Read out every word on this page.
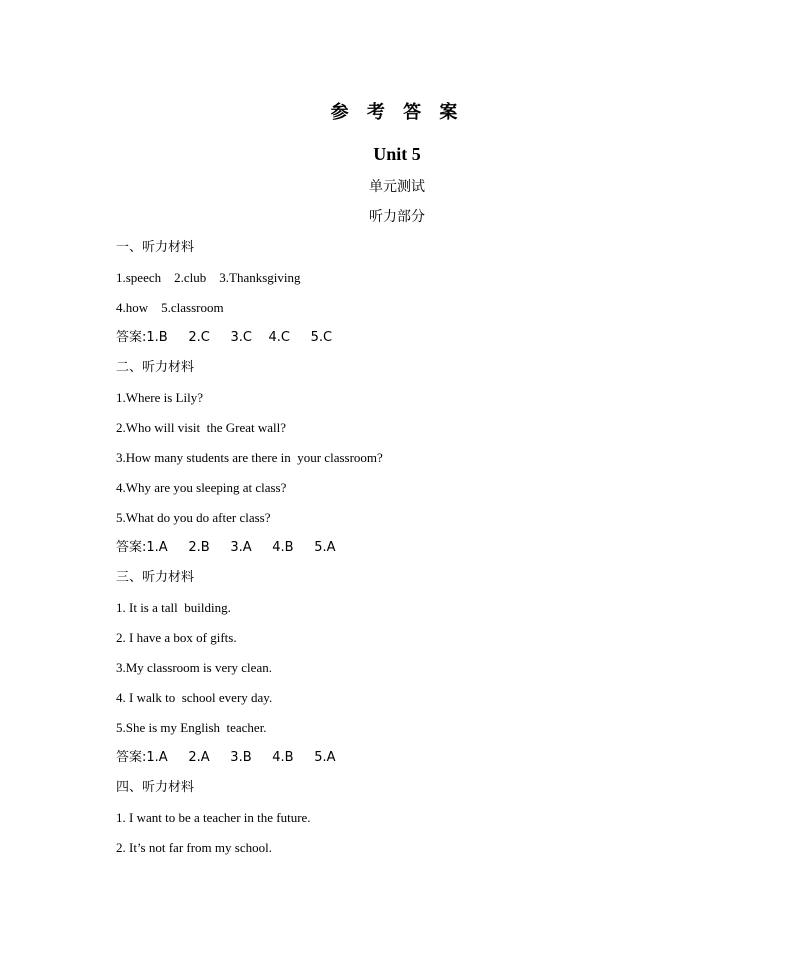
参 考 答 案
Unit 5
单元测试
听力部分
一、听力材料
1.speech    2.club    3.Thanksgiving
4.how    5.classroom
答案:1.B     2.C     3.C    4.C     5.C
二、听力材料
1.Where is Lily?
2.Who will visit  the Great wall?
3.How many students are there in  your classroom?
4.Why are you sleeping at class?
5.What do you do after class?
答案:1.A     2.B     3.A     4.B     5.A
三、听力材料
1. It is a tall  building.
2. I have a box of gifts.
3.My classroom is very clean.
4. I walk to  school every day.
5.She is my English  teacher.
答案:1.A     2.A     3.B     4.B     5.A
四、听力材料
1. I want to be a teacher in the future.
2. It’s not far from my school.
